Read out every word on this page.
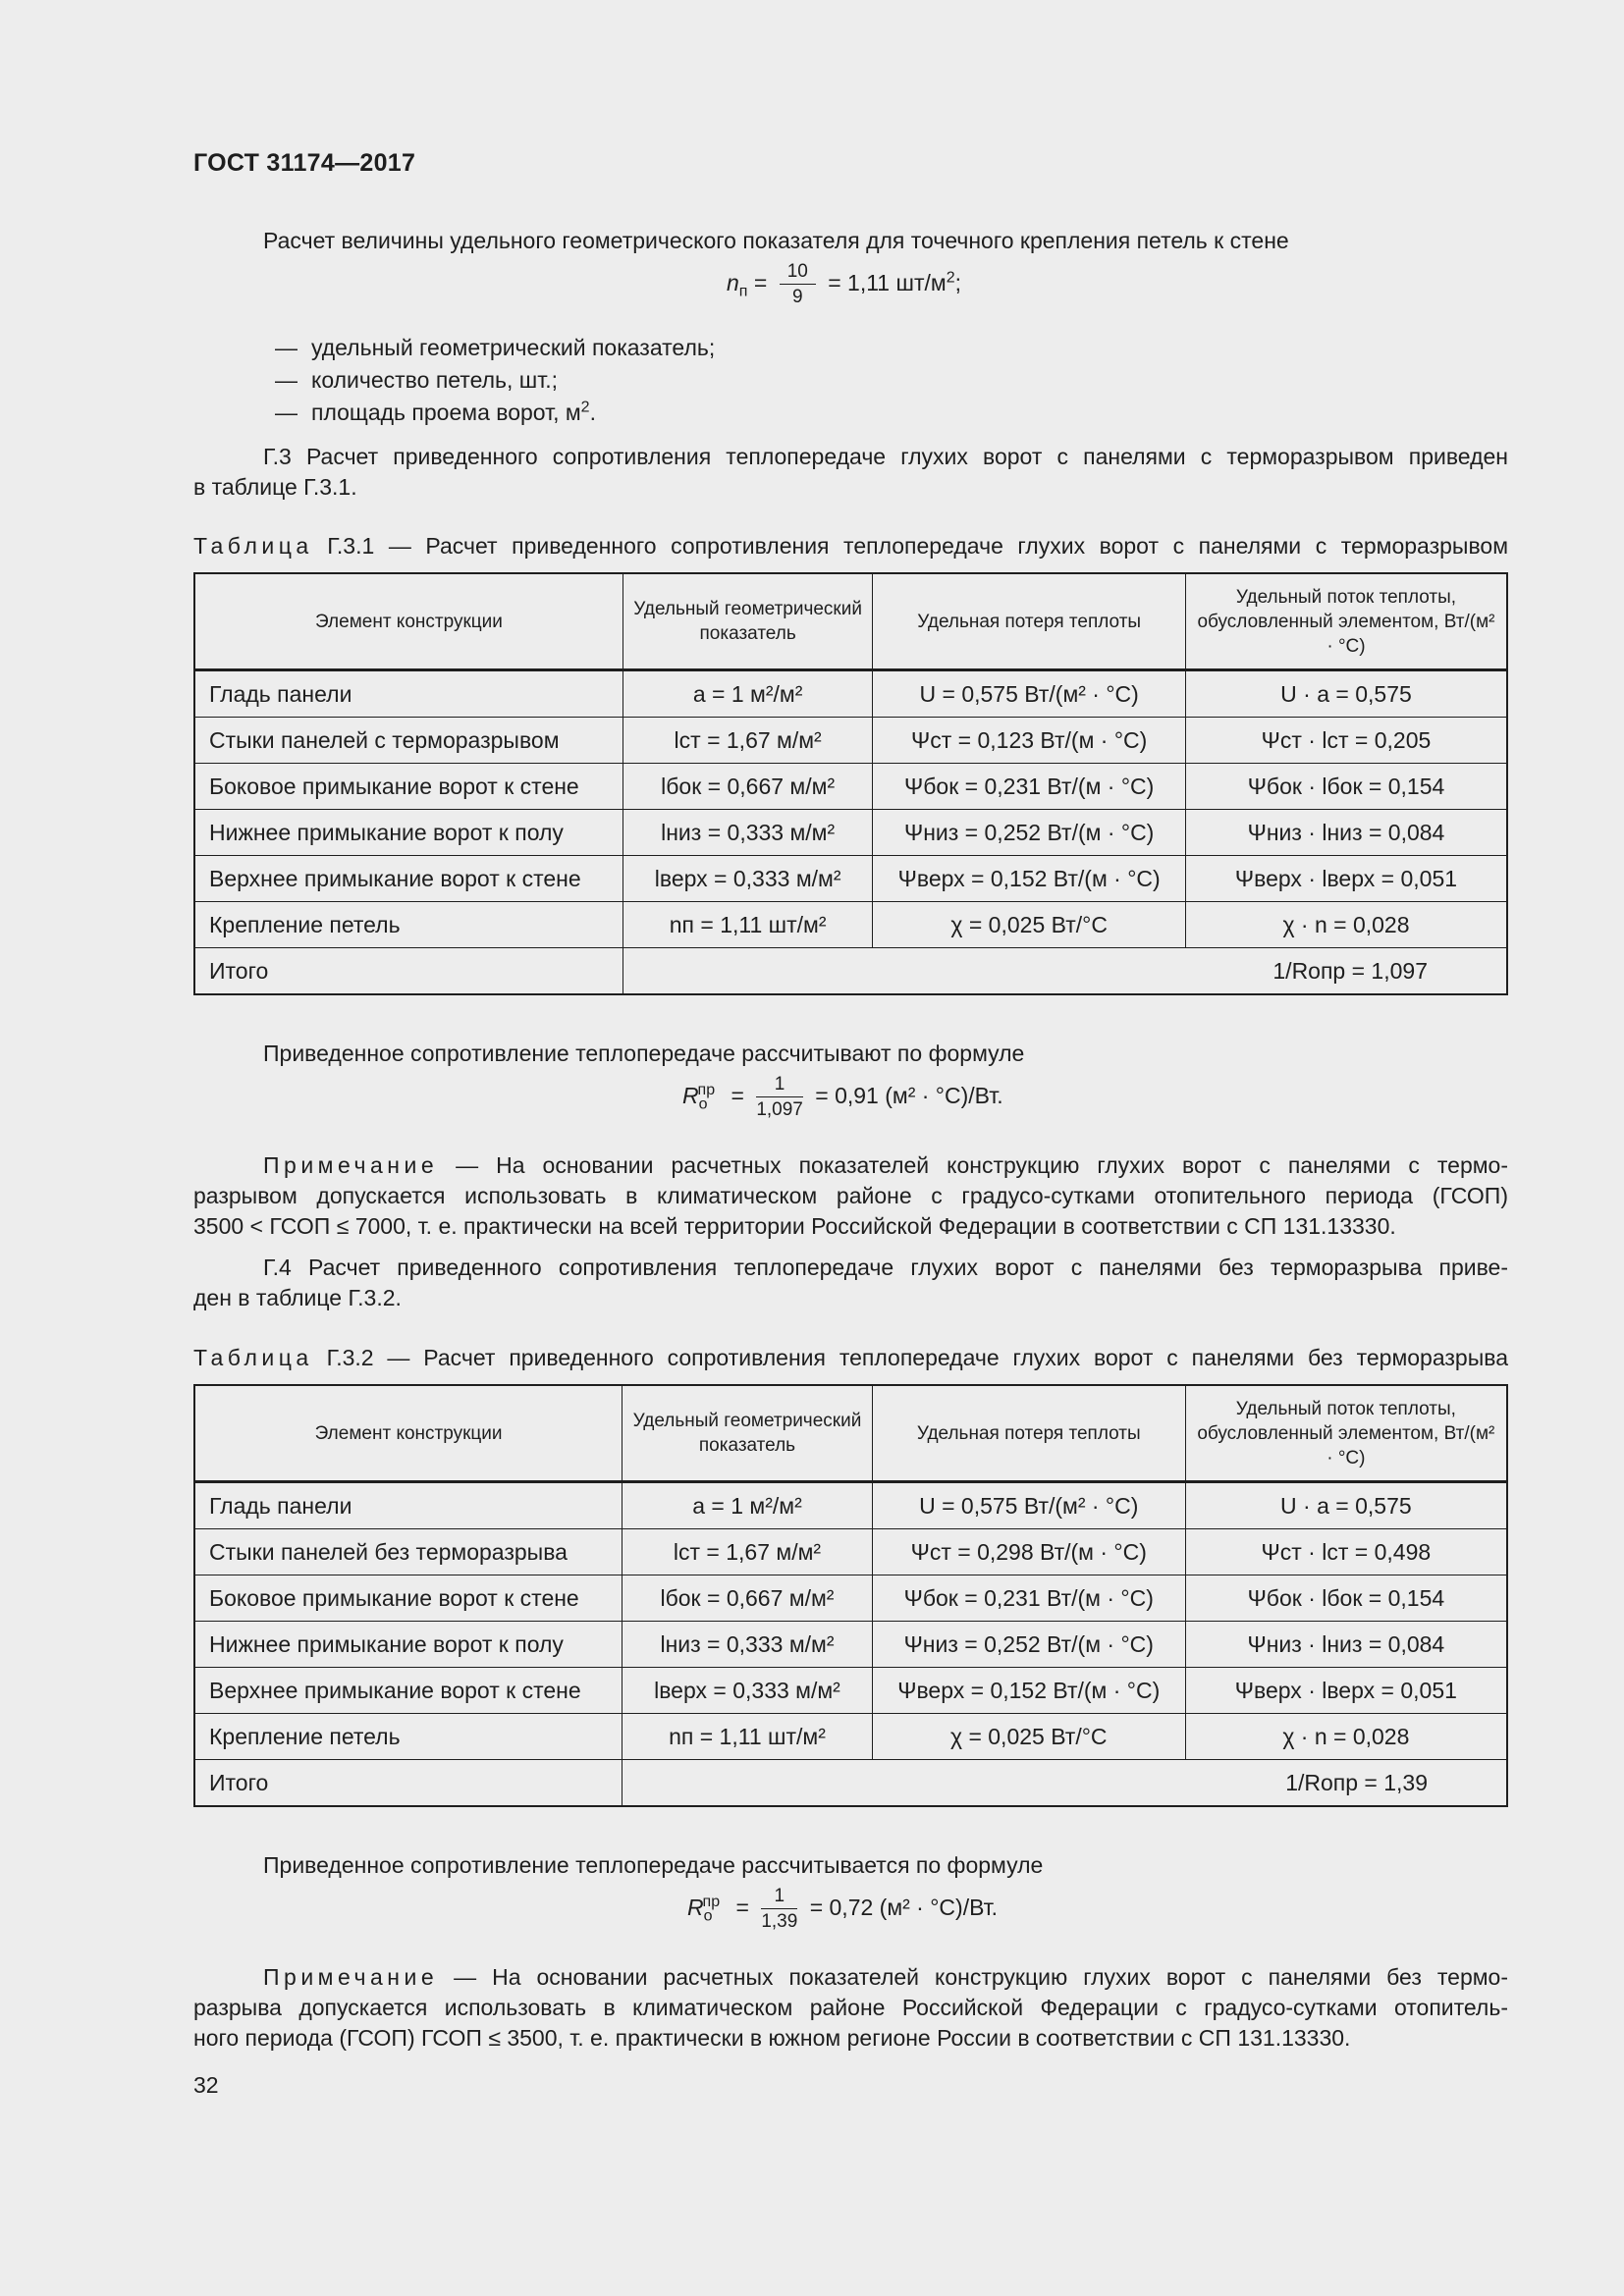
ГОСТ 31174—2017
Расчет величины удельного геометрического показателя для точечного крепления петель к стене
$n_п = \frac{10}{9} = 1,11$ $шт/м^2$;
— удельный геометрический показатель;
— количество петель, шт.;
— площадь проема ворот, $м^2$.
Г.3 Расчет приведенного сопротивления теплопередаче глухих ворот с панелями с терморазрывом приведен
в таблице Г.3.1.
Таблица Г.3.1 — Расчет приведенного сопротивления теплопередаче глухих ворот с панелями с терморазрывом
Элемент конструкции	Удельный геометрический показатель	Удельная потеря теплоты	Удельный поток теплоты, обусловленный элементом, Вт/(м² · °С)
Гладь панели	a = 1 м²/м²	U = 0,575 Вт/(м² · °С)	U · a = 0,575
Стыки панелей с терморазрывом	lст = 1,67 м/м²	Ψст = 0,123 Вт/(м · °С)	Ψст · lст = 0,205
Боковое примыкание ворот к стене	lбок = 0,667 м/м²	Ψбок = 0,231 Вт/(м · °С)	Ψбок · lбок = 0,154
Нижнее примыкание ворот к полу	lниз = 0,333 м/м²	Ψниз = 0,252 Вт/(м · °С)	Ψниз · lниз = 0,084
Верхнее примыкание ворот к стене	lверх = 0,333 м/м²	Ψверх = 0,152 Вт/(м · °С)	Ψверх · lверх = 0,051
Крепление петель	nп = 1,11 шт/м²	χ = 0,025 Вт/°С	χ · n = 0,028
Итого	1/Roпр = 1,097		
Приведенное сопротивление теплопередаче рассчитывают по формуле
$R_о^{пр} = \frac{1}{1,097} = 0,91$ (м² · °С)/Вт.
Примечание — На основании расчетных показателей конструкцию глухих ворот с панелями с термо-
разрывом допускается использовать в климатическом районе с градусо-сутками отопительного периода (ГСОП)
3500 < ГСОП ≤ 7000, т. е. практически на всей территории Российской Федерации в соответствии с СП 131.13330.
Г.4 Расчет приведенного сопротивления теплопередаче глухих ворот с панелями без терморазрыва приве-
ден в таблице Г.3.2.
Таблица Г.3.2 — Расчет приведенного сопротивления теплопередаче глухих ворот с панелями без терморазрыва
Элемент конструкции	Удельный геометрический показатель	Удельная потеря теплоты	Удельный поток теплоты, обусловленный элементом, Вт/(м² · °С)
Гладь панели	a = 1 м²/м²	U = 0,575 Вт/(м² · °С)	U · a = 0,575
Стыки панелей без терморазрыва	lст = 1,67 м/м²	Ψст = 0,298 Вт/(м · °С)	Ψст · lст = 0,498
Боковое примыкание ворот к стене	lбок = 0,667 м/м²	Ψбок = 0,231 Вт/(м · °С)	Ψбок · lбок = 0,154
Нижнее примыкание ворот к полу	lниз = 0,333 м/м²	Ψниз = 0,252 Вт/(м · °С)	Ψниз · lниз = 0,084
Верхнее примыкание ворот к стене	lверх = 0,333 м/м²	Ψверх = 0,152 Вт/(м · °С)	Ψверх · lверх = 0,051
Крепление петель	nп = 1,11 шт/м²	χ = 0,025 Вт/°С	χ · n = 0,028
Итого	1/Roпр = 1,39		
Приведенное сопротивление теплопередаче рассчитывается по формуле
$R_о^{пр} = \frac{1}{1,39} = 0,72$ (м² · °С)/Вт.
Примечание — На основании расчетных показателей конструкцию глухих ворот с панелями без термо-
разрыва допускается использовать в климатическом районе Российской Федерации с градусо-сутками отопитель-
ного периода (ГСОП) ГСОП ≤ 3500, т. е. практически в южном регионе России в соответствии с СП 131.13330.
32
